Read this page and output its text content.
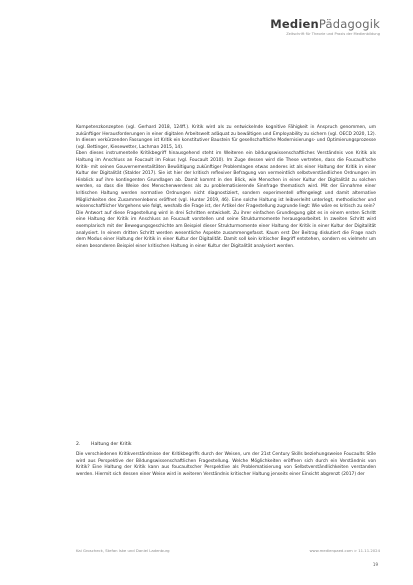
MedienPädagogik
Zeitschrift für Theorie und Praxis der Medienbildung

Kompetenzkonzepten (vgl. Gerhard 2018, 124ff.). Kritik wird als zu entwickelnde kognitive Fähigkeit in Anspruch genommen, um zukünftiger Herausforderungen in einer digitalen Arbeitswelt adäquat zu bewältigen und Employability zu sichern (vgl. OECD 2020, 12). In diesen verkürzenden Fassungen ist Kritik ein konstitutiver Baustein für gesellschaftliche Modernisierungs- und Optimierungsprozesse (vgl. Bettinger, Kiesewetter, Lachman 2015, 14).

Eben dieses instrumentelle Kritikbegriff hinausgehend steht im Weiteren ein bildungswissenschaftliches Verständnis von Kritik als Haltung im Anschluss an Foucault im Fokus (vgl. Foucault 2010). Im Zuge dessen wird die These vertreten, dass die Foucault'sche Kritik- mit seinen Gouvernementalitäten Bewältigung zukünftiger Problemlagen etwas anderes ist als einer Haltung der Kritik in einer Kultur der Digitalität (Stalder 2017). Sie ist hier der kritisch reflexiver Befragung von vermeintlich selbstverständlichen Ordnungen im Hinblick auf ihre kontingenten Grundlagen ab. Damit kommt in den Blick, wie Menschen in einer Kultur der Digitalität zu solchen werden, so dass die Weise des Menschenwerdens als zu problematisierende Sinnfrage thematisch wird. Mit der Einnahme einer kritischen Haltung werden normative Ordnungen nicht diagnostiziert, sondern experimentell offengelegt und damit alternative Möglichkeiten des Zusammenlebens eröffnet (vgl. Hunter 2019, 46). Eine solche Haltung ist leibverleiht unterlegt, methodischer und wissenschaftlicher Vorgehens wie folgt, weshalb die Frage ist, der Artikel der Fragestellung zugrunde liegt: Wie wäre es kritisch zu sein?

Die Antwort auf diese Fragestellung wird in drei Schritten entwickelt. Zu ihrer einfachen Grundlegung gibt es in einem ersten Schritt eine Haltung der Kritik im Anschluss an Foucault vorstellen und seine Strukturmomente herausgearbeitet. In zweiten Schritt wird exemplarisch mit der Bewegungsgeschichte am Beispiel dieser Strukturmomente einer Haltung der Kritik in einer Kultur der Digitalität analysiert. In einem dritten Schritt werden wesentliche Aspekte zusammengefasst. Kaum erst Der Beitrag diskutiert die Frage nach dem Modus einer Haltung der Kritik in einer Kultur der Digitalität. Damit soll kein kritischer Begriff entstehen, sondern es vielmehr um einen besonderen Beispiel einer kritischen Haltung in einer Kultur der Digitalität analysiert werden.

2.	Haltung der Kritik

Die verschiedenen Kritikverständnisse der Kritikbegriffs durch der Weisen, um der 21st Century Skills beziehungsweise Foucaults Stile wird aus Perspektive der Bildungswissenschaftlichen Fragestellung. Welche Möglichkeiten eröffnen sich durch ein Verständnis von Kritik? Eine Haltung der Kritik kann aus foucaultscher Perspektive als Problematisierung von Selbstverständlichkeiten verstanden werden. Hiermit sich dessen einer Weise wird in weiteren Verständnis kritischer Haltung jenseits einer Einsicht abgrenzt (2017) der

Kai Groscheck, Stefan Iske und Daniel Ladenburg	www.medienpaed.com > 11.11.2024
19
